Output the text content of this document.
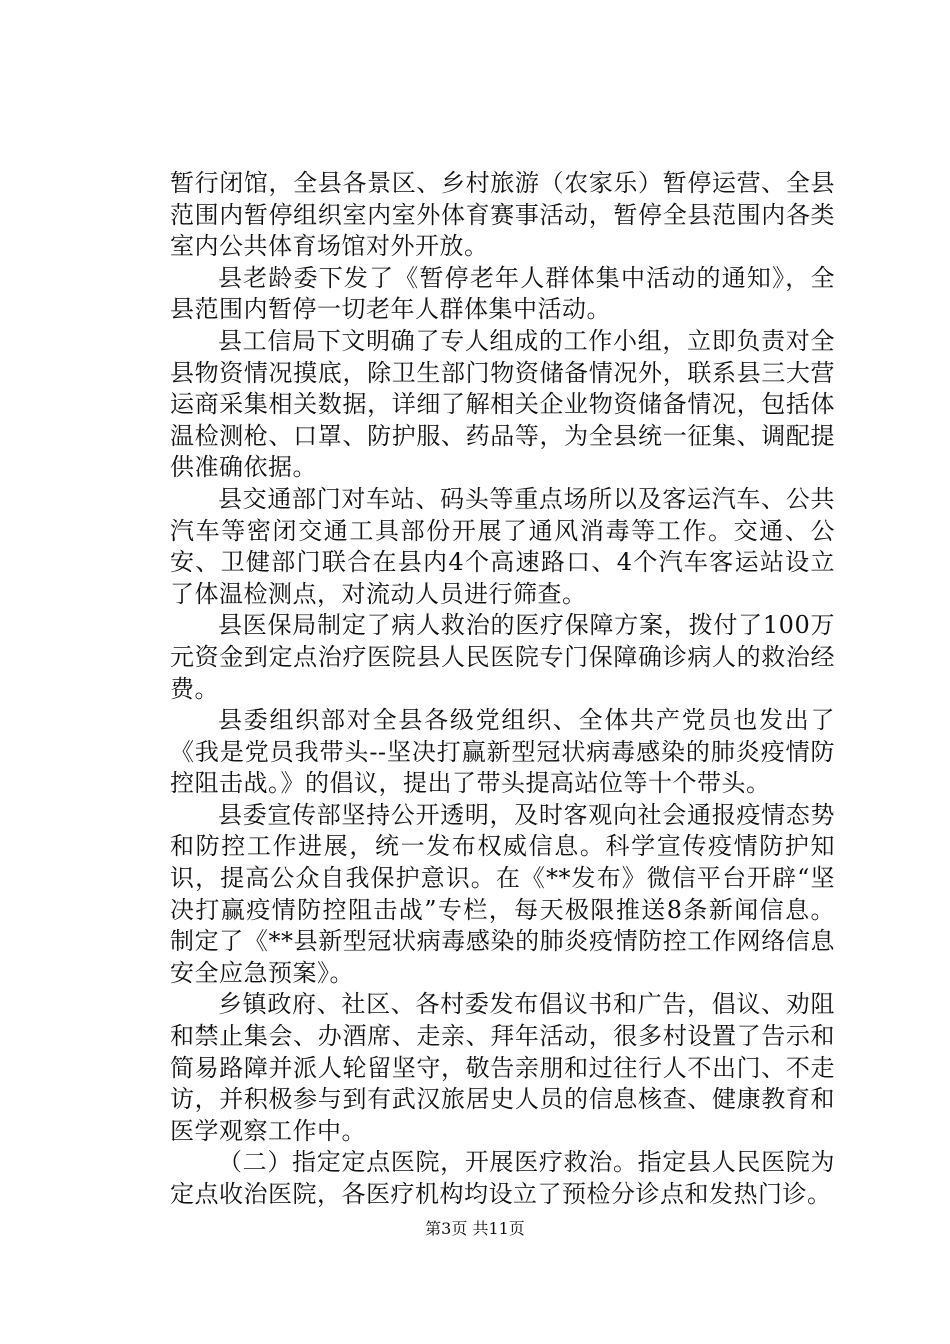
暂行闭馆，全县各景区、乡村旅游（农家乐）暂停运营、全县范围内暂停组织室内室外体育赛事活动，暂停全县范围内各类室内公共体育场馆对外开放。

县老龄委下发了《暂停老年人群体集中活动的通知》，全县范围内暂停一切老年人群体集中活动。

县工信局下文明确了专人组成的工作小组，立即负责对全县物资情况摸底，除卫生部门物资储备情况外，联系县三大营运商采集相关数据，详细了解相关企业物资储备情况，包括体温检测枪、口罩、防护服、药品等，为全县统一征集、调配提供准确依据。

县交通部门对车站、码头等重点场所以及客运汽车、公共汽车等密闭交通工具部份开展了通风消毒等工作。交通、公安、卫健部门联合在县内4个高速路口、4个汽车客运站设立了体温检测点，对流动人员进行筛查。

县医保局制定了病人救治的医疗保障方案，拨付了100万元资金到定点治疗医院县人民医院专门保障确诊病人的救治经费。

县委组织部对全县各级党组织、全体共产党员也发出了《我是党员我带头--坚决打赢新型冠状病毒感染的肺炎疫情防控阻击战。》的倡议，提出了带头提高站位等十个带头。

县委宣传部坚持公开透明，及时客观向社会通报疫情态势和防控工作进展，统一发布权威信息。科学宣传疫情防护知识，提高公众自我保护意识。在《**发布》微信平台开辟“坚决打赢疫情防控阻击战”专栏，每天极限推送8条新闻信息。制定了《**县新型冠状病毒感染的肺炎疫情防控工作网络信息安全应急预案》。

乡镇政府、社区、各村委发布倡议书和广告，倡议、劝阻和禁止集会、办酒席、走亲、拜年活动，很多村设置了告示和简易路障并派人轮留坚守，敬告亲朋和过往行人不出门、不走访，并积极参与到有武汉旅居史人员的信息核查、健康教育和医学观察工作中。

（二）指定定点医院，开展医疗救治。指定县人民医院为定点收治医院，各医疗机构均设立了预检分诊点和发热门诊。

第3页 共11页
